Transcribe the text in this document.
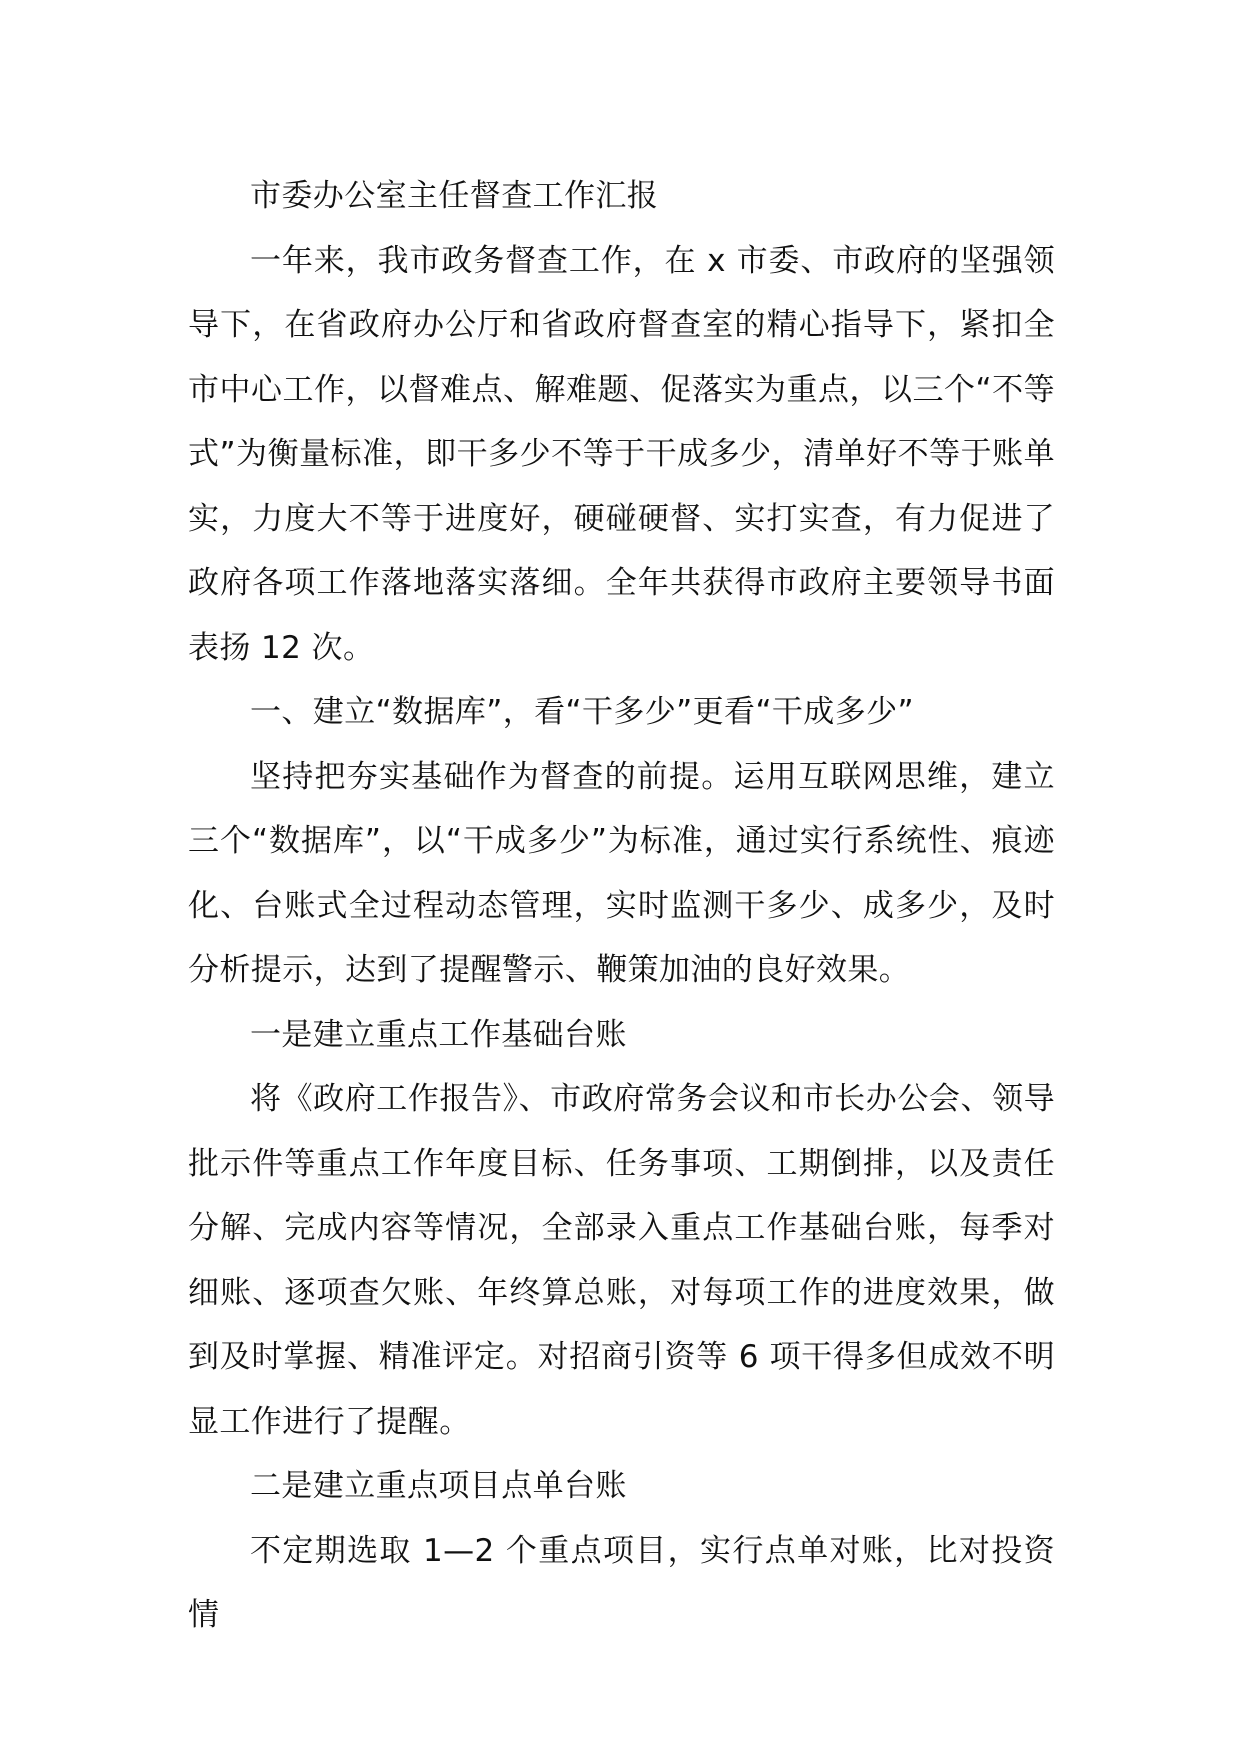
市委办公室主任督查工作汇报

一年来，我市政务督查工作，在 x 市委、市政府的坚强领导下，在省政府办公厅和省政府督查室的精心指导下，紧扣全市中心工作，以督难点、解难题、促落实为重点，以三个“不等式”为衡量标准，即干多少不等于干成多少，清单好不等于账单实，力度大不等于进度好，硬碰硬督、实打实查，有力促进了政府各项工作落地落实落细。全年共获得市政府主要领导书面表扬 12 次。

一、建立“数据库”，看“干多少”更看“干成多少”

坚持把夯实基础作为督查的前提。运用互联网思维，建立三个“数据库”，以“干成多少”为标准，通过实行系统性、痕迹化、台账式全过程动态管理，实时监测干多少、成多少，及时分析提示，达到了提醒警示、鞭策加油的良好效果。

一是建立重点工作基础台账

将《政府工作报告》、市政府常务会议和市长办公会、领导批示件等重点工作年度目标、任务事项、工期倒排，以及责任分解、完成内容等情况，全部录入重点工作基础台账，每季对细账、逐项查欠账、年终算总账，对每项工作的进度效果，做到及时掌握、精准评定。对招商引资等 6 项干得多但成效不明显工作进行了提醒。

二是建立重点项目点单台账

不定期选取 1—2 个重点项目，实行点单对账，比对投资情
